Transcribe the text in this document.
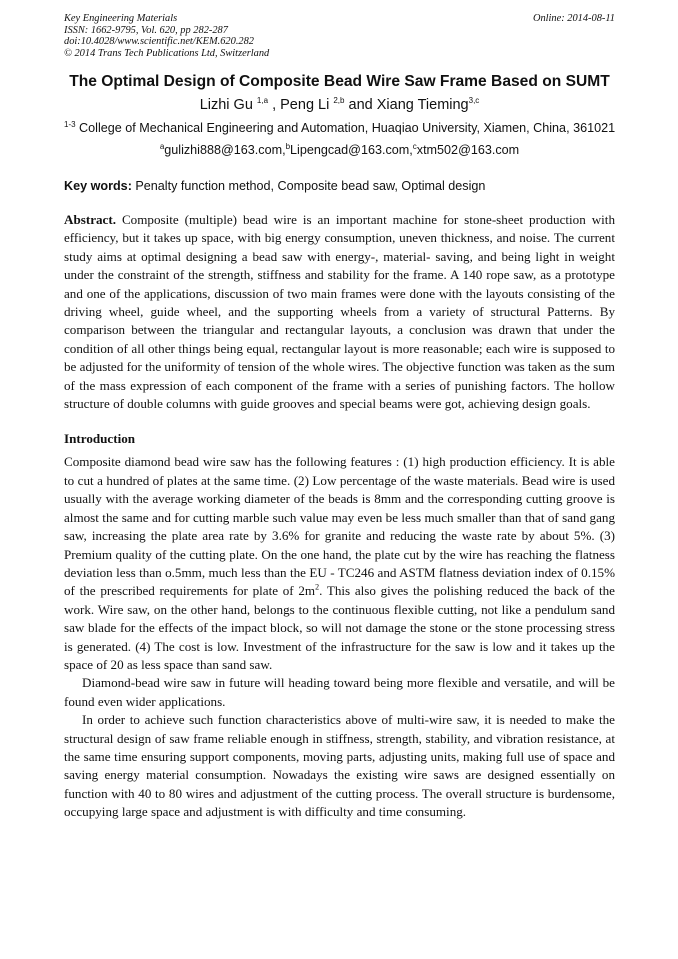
Key Engineering Materials
ISSN: 1662-9795, Vol. 620, pp 282-287
doi:10.4028/www.scientific.net/KEM.620.282
© 2014 Trans Tech Publications Ltd, Switzerland
Online: 2014-08-11
The Optimal Design of Composite Bead Wire Saw Frame Based on SUMT
Lizhi Gu $^{1,a}$ , Peng Li $^{2,b}$ and Xiang Tieming$^{3,c}$
$^{1-3}$ College of Mechanical Engineering and Automation, Huaqiao University, Xiamen, China, 361021
$^a$gulizhi888@163.com,$^b$Lipengcad@163.com,$^c$xtm502@163.com
Key words: Penalty function method, Composite bead saw, Optimal design
Abstract. Composite (multiple) bead wire is an important machine for stone-sheet production with efficiency, but it takes up space, with big energy consumption, uneven thickness, and noise. The current study aims at optimal designing a bead saw with energy-, material- saving, and being light in weight under the constraint of the strength, stiffness and stability for the frame. A 140 rope saw, as a prototype and one of the applications, discussion of two main frames were done with the layouts consisting of the driving wheel, guide wheel, and the supporting wheels from a variety of structural Patterns. By comparison between the triangular and rectangular layouts, a conclusion was drawn that under the condition of all other things being equal, rectangular layout is more reasonable; each wire is supposed to be adjusted for the uniformity of tension of the whole wires. The objective function was taken as the sum of the mass expression of each component of the frame with a series of punishing factors. The hollow structure of double columns with guide grooves and special beams were got, achieving design goals.
Introduction

Composite diamond bead wire saw has the following features : (1) high production efficiency. It is able to cut a hundred of plates at the same time. (2) Low percentage of the waste materials. Bead wire is used usually with the average working diameter of the beads is 8mm and the corresponding cutting groove is almost the same and for cutting marble such value may even be less much smaller than that of sand gang saw, increasing the plate area rate by 3.6% for granite and reducing the waste rate by about 5%. (3) Premium quality of the cutting plate. On the one hand, the plate cut by the wire has reaching the flatness deviation less than o.5mm, much less than the EU - TC246 and ASTM flatness deviation index of 0.15% of the prescribed requirements for plate of $2m^2$. This also gives the polishing reduced the back of the work. Wire saw, on the other hand, belongs to the continuous flexible cutting, not like a pendulum sand saw blade for the effects of the impact block, so will not damage the stone or the stone processing stress is generated. (4) The cost is low. Investment of the infrastructure for the saw is low and it takes up the space of 20 as less space than sand saw.

Diamond-bead wire saw in future will heading toward being more flexible and versatile, and will be found even wider applications.

In order to achieve such function characteristics above of multi-wire saw, it is needed to make the structural design of saw frame reliable enough in stiffness, strength, stability, and vibration resistance, at the same time ensuring support components, moving parts, adjusting units, making full use of space and saving energy material consumption. Nowadays the existing wire saws are designed essentially on function with 40 to 80 wires and adjustment of the cutting process. The overall structure is burdensome, occupying large space and adjustment is with difficulty and time consuming.
